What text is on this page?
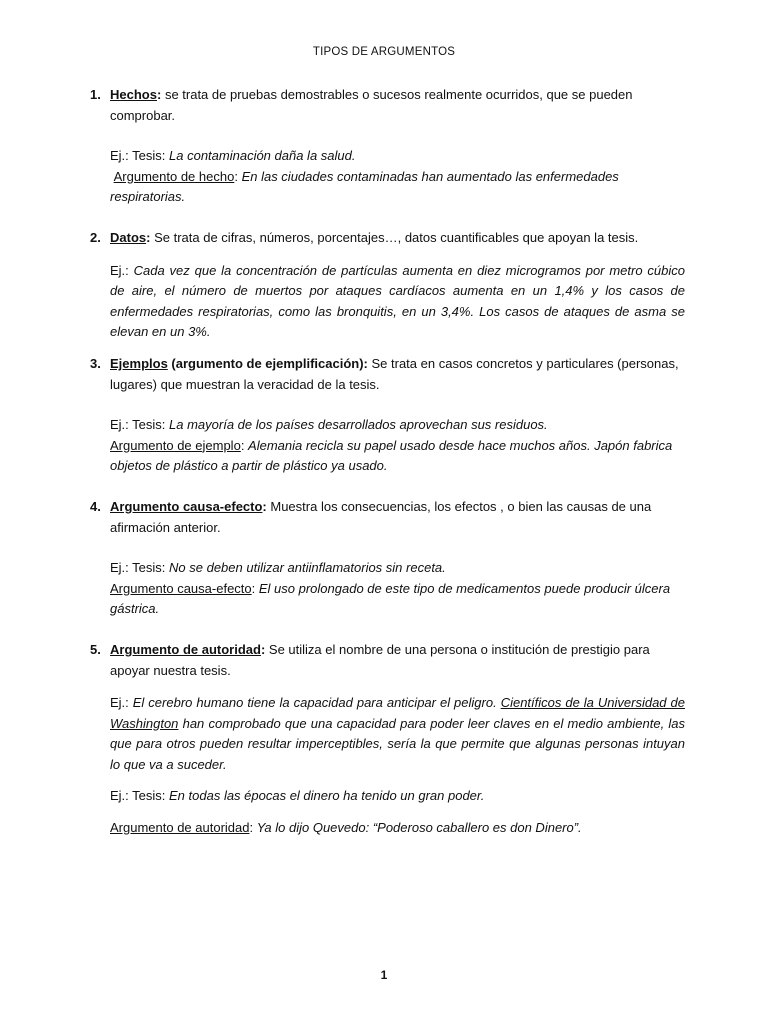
TIPOS DE ARGUMENTOS
1. Hechos: se trata de pruebas demostrables o sucesos realmente ocurridos, que se pueden comprobar.
Ej.: Tesis: La contaminación daña la salud.
Argumento de hecho: En las ciudades contaminadas han aumentado las enfermedades respiratorias.
2. Datos: Se trata de cifras, números, porcentajes…, datos cuantificables que apoyan la tesis.
Ej.: Cada vez que la concentración de partículas aumenta en diez microgramos por metro cúbico de aire, el número de muertos por ataques cardíacos aumenta en un 1,4% y los casos de enfermedades respiratorias, como las bronquitis, en un 3,4%. Los casos de ataques de asma se elevan en un 3%.
3. Ejemplos (argumento de ejemplificación): Se trata en casos concretos y particulares (personas, lugares) que muestran la veracidad de la tesis.
Ej.: Tesis: La mayoría de los países desarrollados aprovechan sus residuos.
Argumento de ejemplo: Alemania recicla su papel usado desde hace muchos años. Japón fabrica objetos de plástico a partir de plástico ya usado.
4. Argumento causa-efecto: Muestra los consecuencias, los efectos , o bien las causas de una afirmación anterior.
Ej.: Tesis: No se deben utilizar antiinflamatorios sin receta.
Argumento causa-efecto: El uso prolongado de este tipo de medicamentos puede producir úlcera gástrica.
5. Argumento de autoridad: Se utiliza el nombre de una persona o institución de prestigio para apoyar nuestra tesis.
Ej.: El cerebro humano tiene la capacidad para anticipar el peligro. Científicos de la Universidad de Washington han comprobado que una capacidad para poder leer claves en el medio ambiente, las que para otros pueden resultar imperceptibles, sería la que permite que algunas personas intuyan lo que va a suceder.
Ej.: Tesis: En todas las épocas el dinero ha tenido un gran poder.
Argumento de autoridad: Ya lo dijo Quevedo: “Poderoso caballero es don Dinero”.
1
